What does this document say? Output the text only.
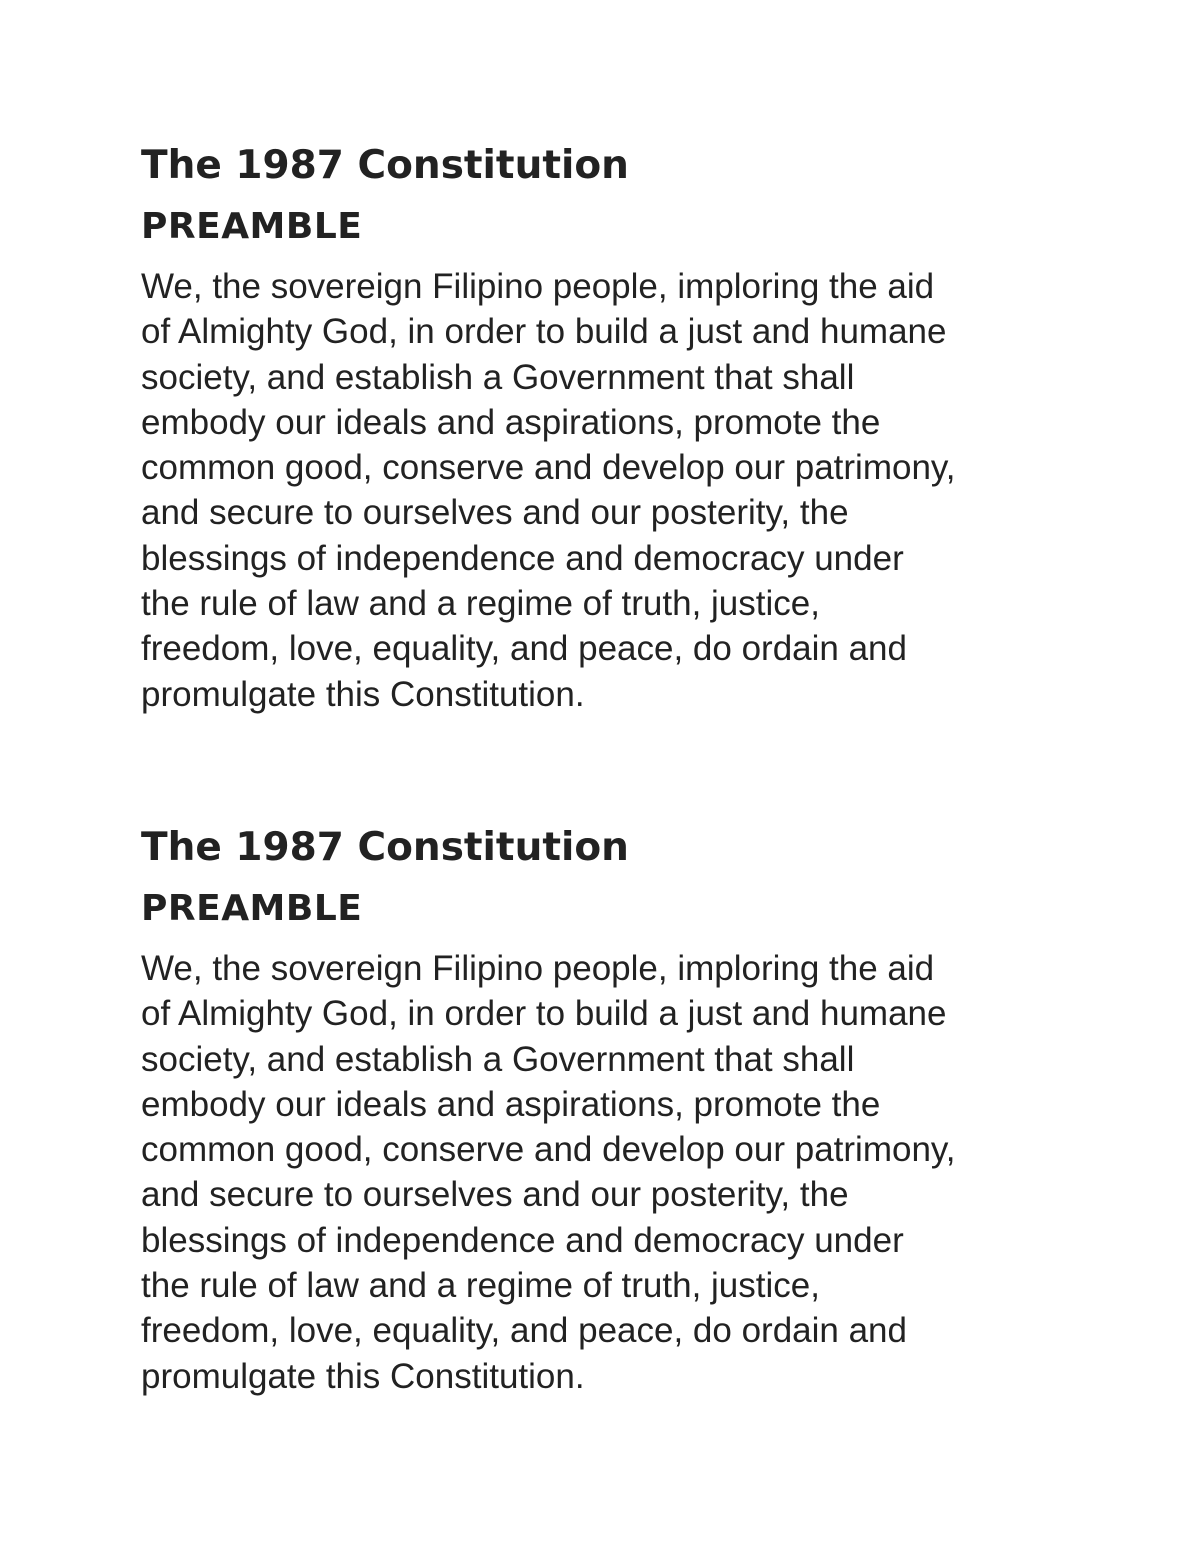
The 1987 Constitution
PREAMBLE
We, the sovereign Filipino people, imploring the aid
of Almighty God, in order to build a just and humane
society, and establish a Government that shall
embody our ideals and aspirations, promote the
common good, conserve and develop our patrimony,
and secure to ourselves and our posterity, the
blessings of independence and democracy under
the rule of law and a regime of truth, justice,
freedom, love, equality, and peace, do ordain and
promulgate this Constitution.
The 1987 Constitution
PREAMBLE
We, the sovereign Filipino people, imploring the aid
of Almighty God, in order to build a just and humane
society, and establish a Government that shall
embody our ideals and aspirations, promote the
common good, conserve and develop our patrimony,
and secure to ourselves and our posterity, the
blessings of independence and democracy under
the rule of law and a regime of truth, justice,
freedom, love, equality, and peace, do ordain and
promulgate this Constitution.
